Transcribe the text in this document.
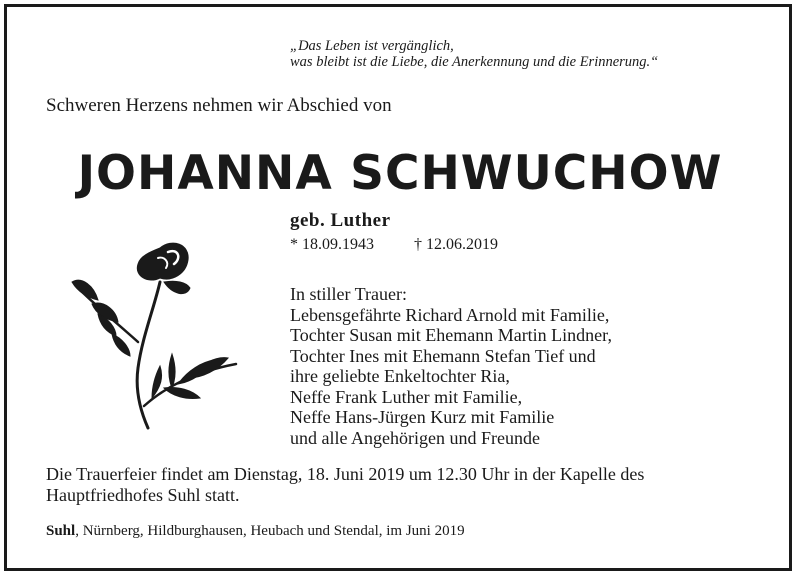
„Das Leben ist vergänglich,
was bleibt ist die Liebe, die Anerkennung und die Erinnerung.“
Schweren Herzens nehmen wir Abschied von
JOHANNA SCHWUCHOW
geb. Luther
* 18.09.1943	† 12.06.2019
In stiller Trauer:
Lebensgefährte Richard Arnold mit Familie,
Tochter Susan mit Ehemann Martin Lindner,
Tochter Ines mit Ehemann Stefan Tief und
ihre geliebte Enkeltochter Ria,
Neffe Frank Luther mit Familie,
Neffe Hans-Jürgen Kurz mit Familie
und alle Angehörigen und Freunde
Die Trauerfeier findet am Dienstag, 18. Juni 2019 um 12.30 Uhr in der Kapelle des
Hauptfriedhofes Suhl statt.
Suhl, Nürnberg, Hildburghausen, Heubach und Stendal, im Juni 2019
